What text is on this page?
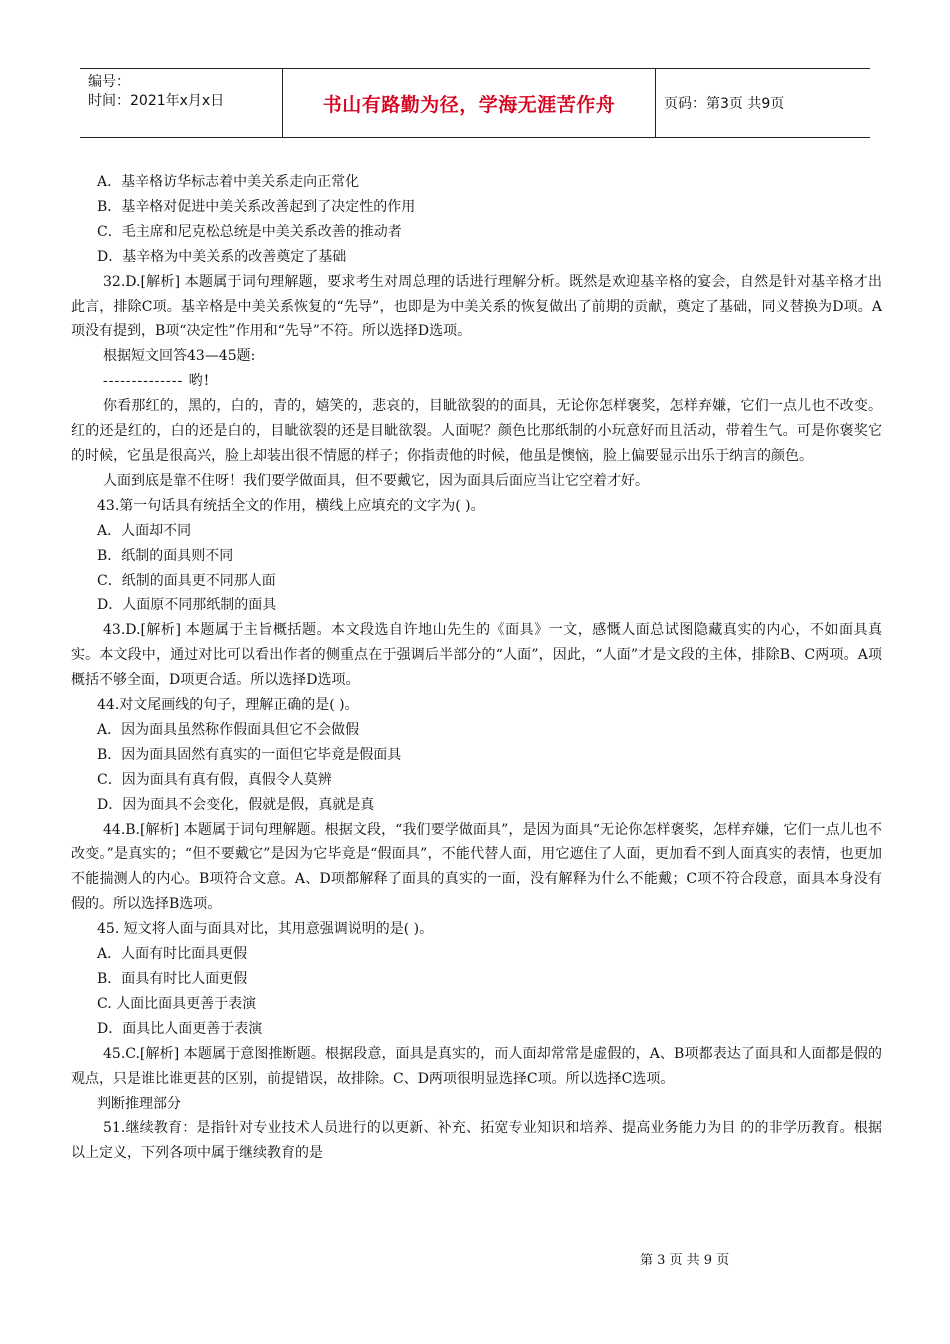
编号：
时间：2021年x月x日	书山有路勤为径，学海无涯苦作舟	页码：第3页 共9页
A．基辛格访华标志着中美关系走向正常化
B．基辛格对促进中美关系改善起到了决定性的作用
C．毛主席和尼克松总统是中美关系改善的推动者
D．基辛格为中美关系的改善奠定了基础
32.D.[解析] 本题属于词句理解题，要求考生对周总理的话进行理解分析。既然是欢迎基辛格的宴会，自然是针对基辛格才出此言，排除C项。基辛格是中美关系恢复的“先导”，也即是为中美关系的恢复做出了前期的贡献，奠定了基础，同义替换为D项。A项没有提到，B项“决定性”作用和“先导”不符。所以选择D选项。
根据短文回答43—45题:
-------------- 哟!
你看那红的，黑的，白的，青的，嬉笑的，悲哀的，目眦欲裂的的面具，无论你怎样褒奖，怎样弃嫌，它们一点儿也不改变。红的还是红的，白的还是白的，目眦欲裂的还是目眦欲裂。人面呢？颜色比那纸制的小玩意好而且活动，带着生气。可是你褒奖它的时候，它虽是很高兴，脸上却装出很不情愿的样子；你指责他的时候，他虽是懊恼，脸上偏要显示出乐于纳言的颜色。
人面到底是靠不住呀！我们要学做面具，但不要戴它，因为面具后面应当让它空着才好。
43.第一句话具有统括全文的作用，横线上应填充的文字为( )。
A．人面却不同
B．纸制的面具则不同
C．纸制的面具更不同那人面
D．人面原不同那纸制的面具
43.D.[解析] 本题属于主旨概括题。本文段选自许地山先生的《面具》一文，感慨人面总试图隐藏真实的内心，不如面具真实。本文段中，通过对比可以看出作者的侧重点在于强调后半部分的“人面”，因此，“人面”才是文段的主体，排除B、C两项。A项概括不够全面，D项更合适。所以选择D选项。
44.对文尾画线的句子，理解正确的是( )。
A．因为面具虽然称作假面具但它不会做假
B．因为面具固然有真实的一面但它毕竟是假面具
C．因为面具有真有假，真假令人莫辨
D．因为面具不会变化，假就是假，真就是真
44.B.[解析] 本题属于词句理解题。根据文段，“我们要学做面具”，是因为面具“无论你怎样褒奖，怎样弃嫌，它们一点儿也不改变。”是真实的；“但不要戴它”是因为它毕竟是“假面具”，不能代替人面，用它遮住了人面，更加看不到人面真实的表情，也更加不能揣测人的内心。B项符合文意。A、D项都解释了面具的真实的一面，没有解释为什么不能戴；C项不符合段意，面具本身没有假的。所以选择B选项。
45. 短文将人面与面具对比，其用意强调说明的是( )。
A．人面有时比面具更假
B．面具有时比人面更假
C. 人面比面具更善于表演
D．面具比人面更善于表演
45.C.[解析] 本题属于意图推断题。根据段意，面具是真实的，而人面却常常是虚假的，A、B项都表达了面具和人面都是假的观点，只是谁比谁更甚的区别，前提错误，故排除。C、D两项很明显选择C项。所以选择C选项。
判断推理部分
51.继续教育：是指针对专业技术人员进行的以更新、补充、拓宽专业知识和培养、提高业务能力为目 的的非学历教育。根据以上定义，下列各项中属于继续教育的是
第 3 页 共 9 页
